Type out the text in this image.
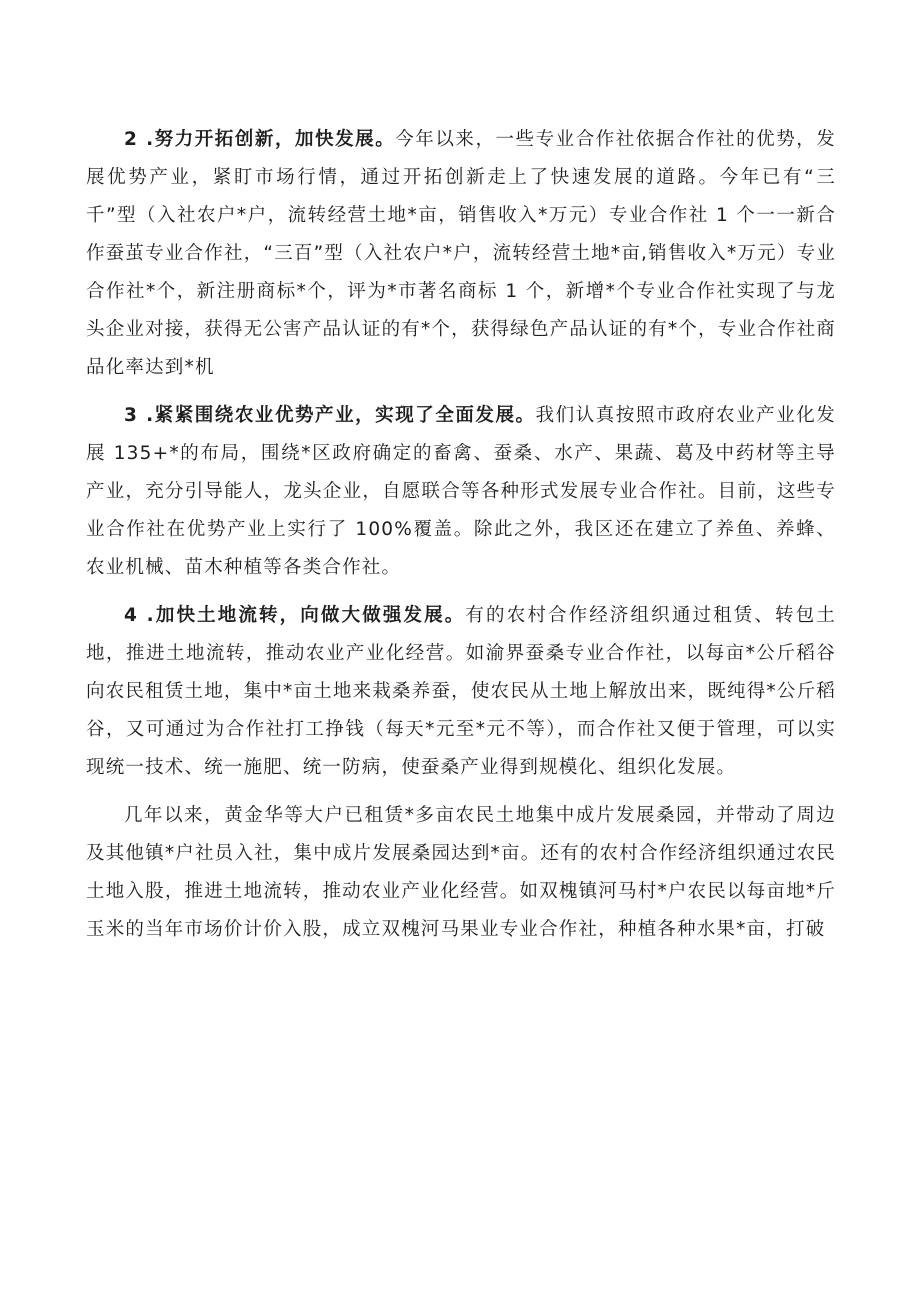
2 .努力开拓创新，加快发展。今年以来，一些专业合作社依据合作社的优势，发展优势产业，紧盯市场行情，通过开拓创新走上了快速发展的道路。今年已有“三千”型（入社农户*户，流转经营土地*亩，销售收入*万元）专业合作社 1 个一一新合作蚕茧专业合作社，“三百”型（入社农户*户，流转经营土地*亩,销售收入*万元）专业合作社*个，新注册商标*个，评为*市著名商标 1 个，新增*个专业合作社实现了与龙头企业对接，获得无公害产品认证的有*个，获得绿色产品认证的有*个，专业合作社商品化率达到*机

3 .紧紧围绕农业优势产业，实现了全面发展。我们认真按照市政府农业产业化发展 135+*的布局，围绕*区政府确定的畜禽、蚕桑、水产、果蔬、葛及中药材等主导产业，充分引导能人，龙头企业，自愿联合等各种形式发展专业合作社。目前，这些专业合作社在优势产业上实行了 100%覆盖。除此之外，我区还在建立了养鱼、养蜂、农业机械、苗木种植等各类合作社。

4 .加快土地流转，向做大做强发展。有的农村合作经济组织通过租赁、转包土地，推进土地流转，推动农业产业化经营。如渝界蚕桑专业合作社，以每亩*公斤稻谷向农民租赁土地，集中*亩土地来栽桑养蚕，使农民从土地上解放出来，既纯得*公斤稻谷，又可通过为合作社打工挣钱（每天*元至*元不等），而合作社又便于管理，可以实现统一技术、统一施肥、统一防病，使蚕桑产业得到规模化、组织化发展。

几年以来，黄金华等大户已租赁*多亩农民土地集中成片发展桑园，并带动了周边及其他镇*户社员入社，集中成片发展桑园达到*亩。还有的农村合作经济组织通过农民土地入股，推进土地流转，推动农业产业化经营。如双槐镇河马村*户农民以每亩地*斤玉米的当年市场价计价入股，成立双槐河马果业专业合作社，种植各种水果*亩，打破
